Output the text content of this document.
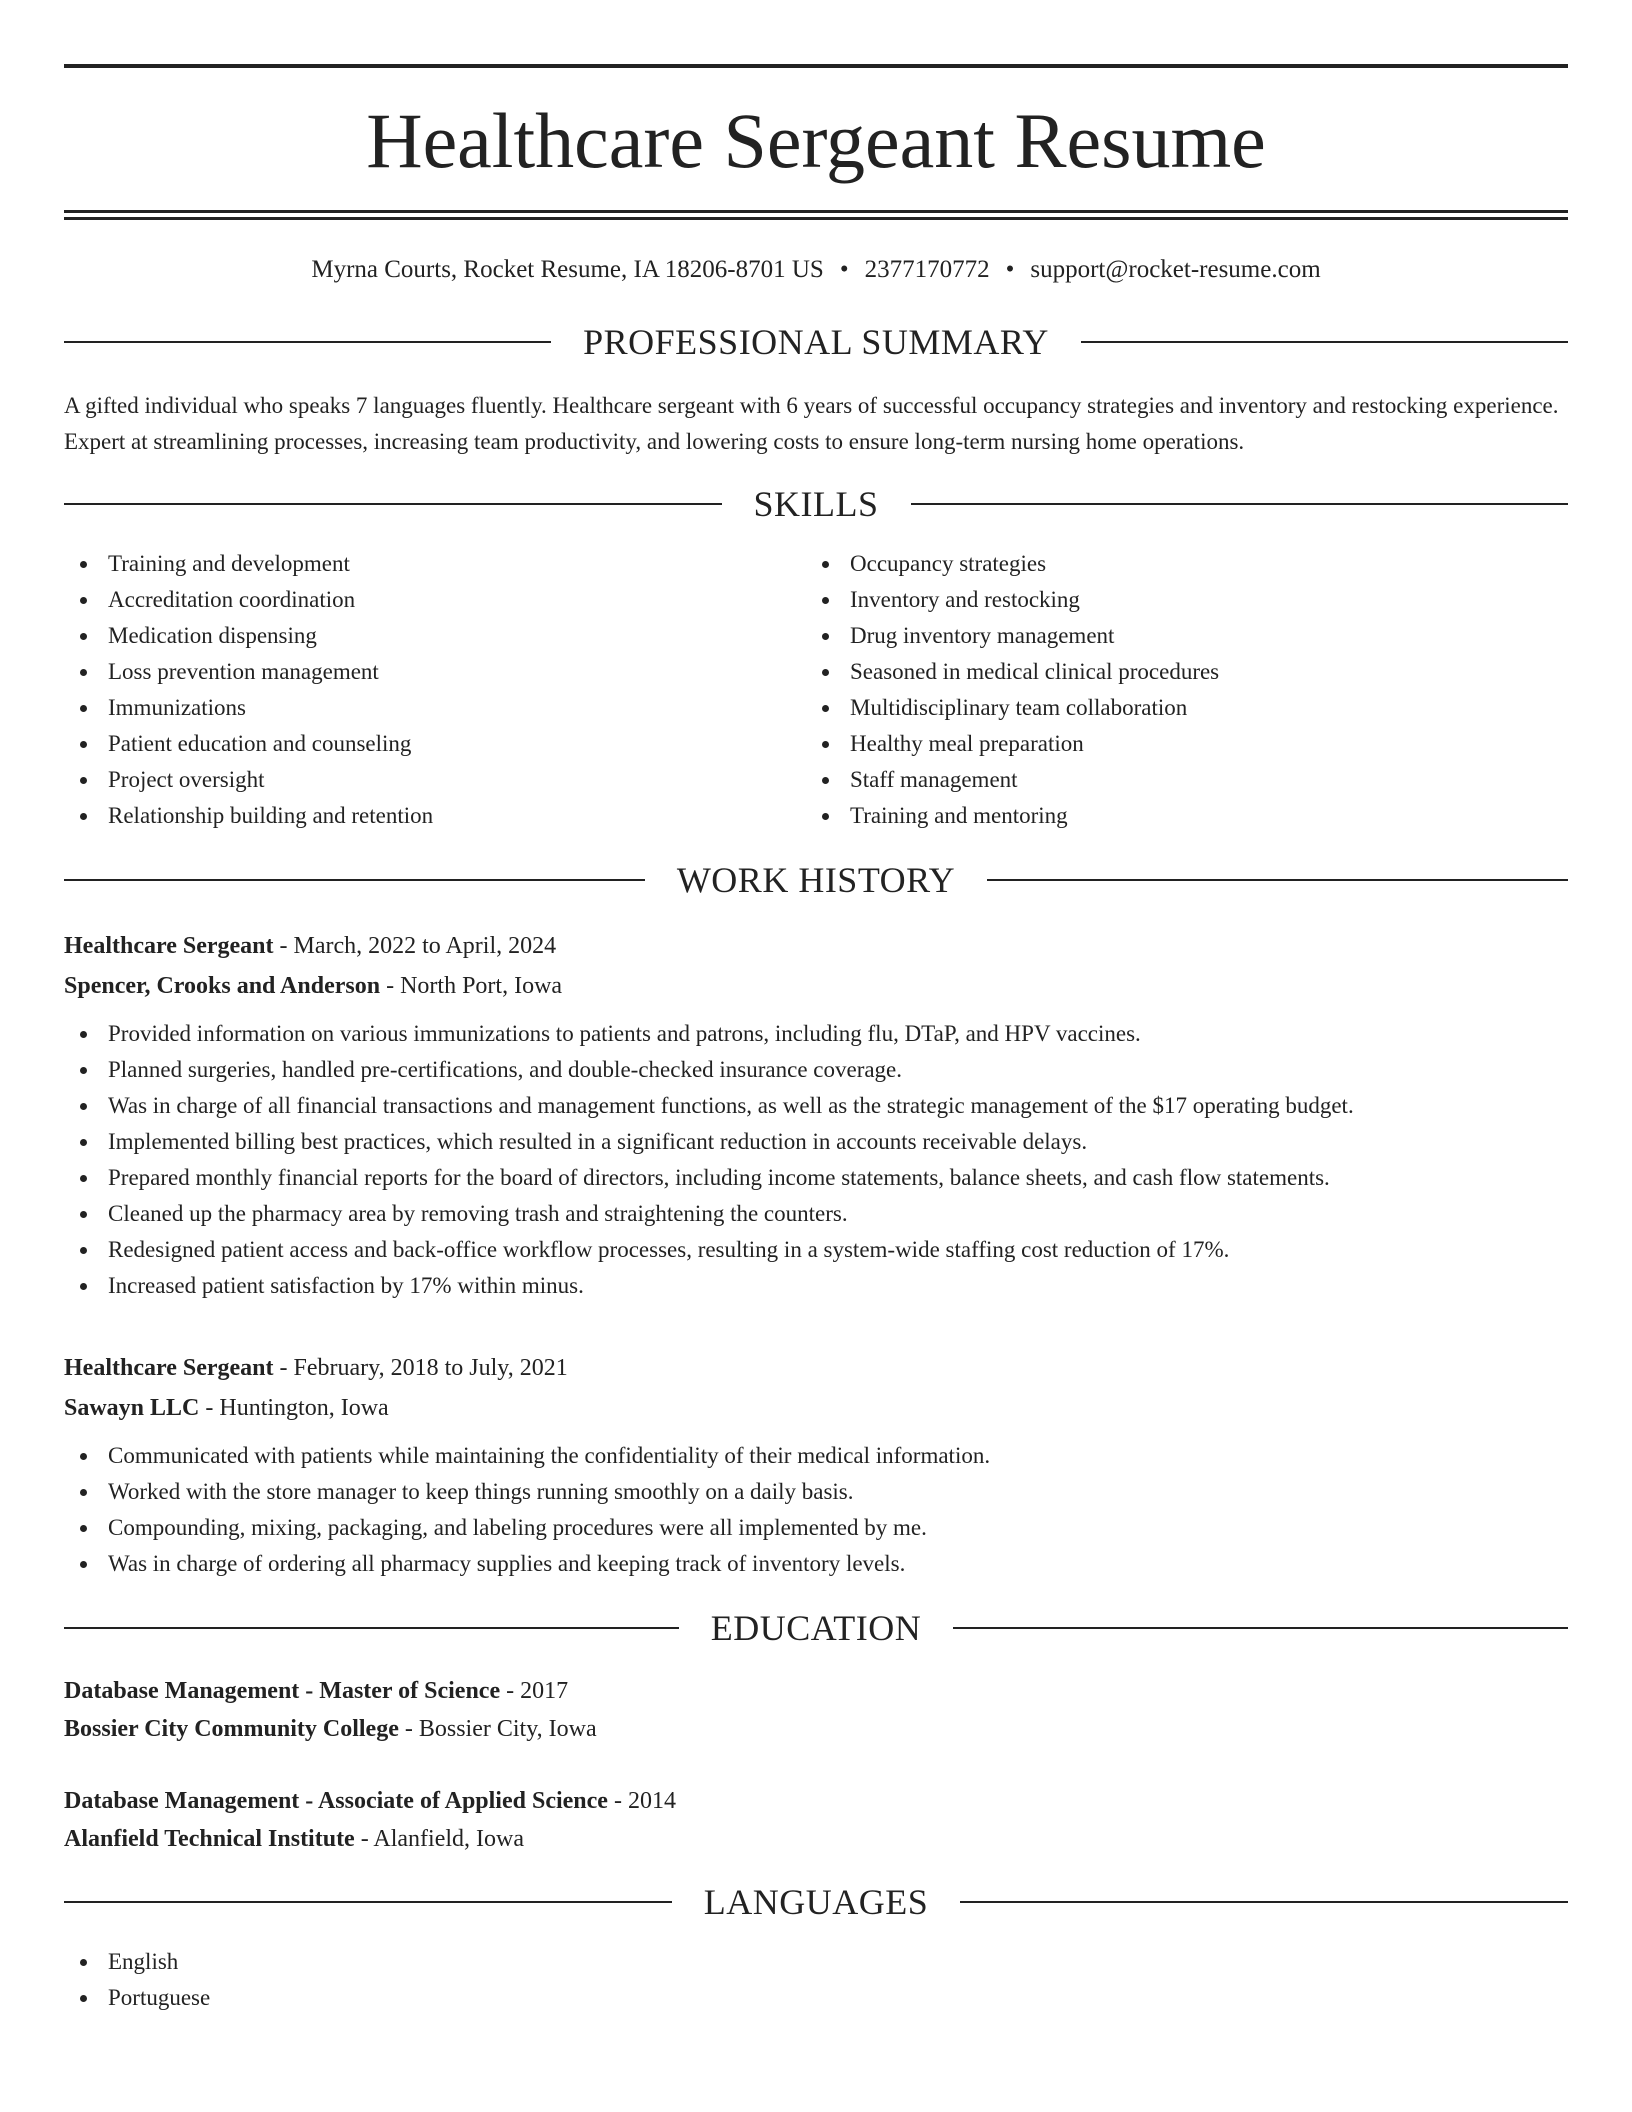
Healthcare Sergeant Resume
Myrna Courts, Rocket Resume, IA 18206-8701 US • 2377170772 • support@rocket-resume.com
PROFESSIONAL SUMMARY
A gifted individual who speaks 7 languages fluently. Healthcare sergeant with 6 years of successful occupancy strategies and inventory and restocking experience. Expert at streamlining processes, increasing team productivity, and lowering costs to ensure long-term nursing home operations.
SKILLS
Training and development
Accreditation coordination
Medication dispensing
Loss prevention management
Immunizations
Patient education and counseling
Project oversight
Relationship building and retention
Occupancy strategies
Inventory and restocking
Drug inventory management
Seasoned in medical clinical procedures
Multidisciplinary team collaboration
Healthy meal preparation
Staff management
Training and mentoring
WORK HISTORY
Healthcare Sergeant - March, 2022 to April, 2024
Spencer, Crooks and Anderson - North Port, Iowa
Provided information on various immunizations to patients and patrons, including flu, DTaP, and HPV vaccines.
Planned surgeries, handled pre-certifications, and double-checked insurance coverage.
Was in charge of all financial transactions and management functions, as well as the strategic management of the $17 operating budget.
Implemented billing best practices, which resulted in a significant reduction in accounts receivable delays.
Prepared monthly financial reports for the board of directors, including income statements, balance sheets, and cash flow statements.
Cleaned up the pharmacy area by removing trash and straightening the counters.
Redesigned patient access and back-office workflow processes, resulting in a system-wide staffing cost reduction of 17%.
Increased patient satisfaction by 17% within minus.
Healthcare Sergeant - February, 2018 to July, 2021
Sawayn LLC - Huntington, Iowa
Communicated with patients while maintaining the confidentiality of their medical information.
Worked with the store manager to keep things running smoothly on a daily basis.
Compounding, mixing, packaging, and labeling procedures were all implemented by me.
Was in charge of ordering all pharmacy supplies and keeping track of inventory levels.
EDUCATION
Database Management - Master of Science - 2017
Bossier City Community College - Bossier City, Iowa
Database Management - Associate of Applied Science - 2014
Alanfield Technical Institute - Alanfield, Iowa
LANGUAGES
English
Portuguese
